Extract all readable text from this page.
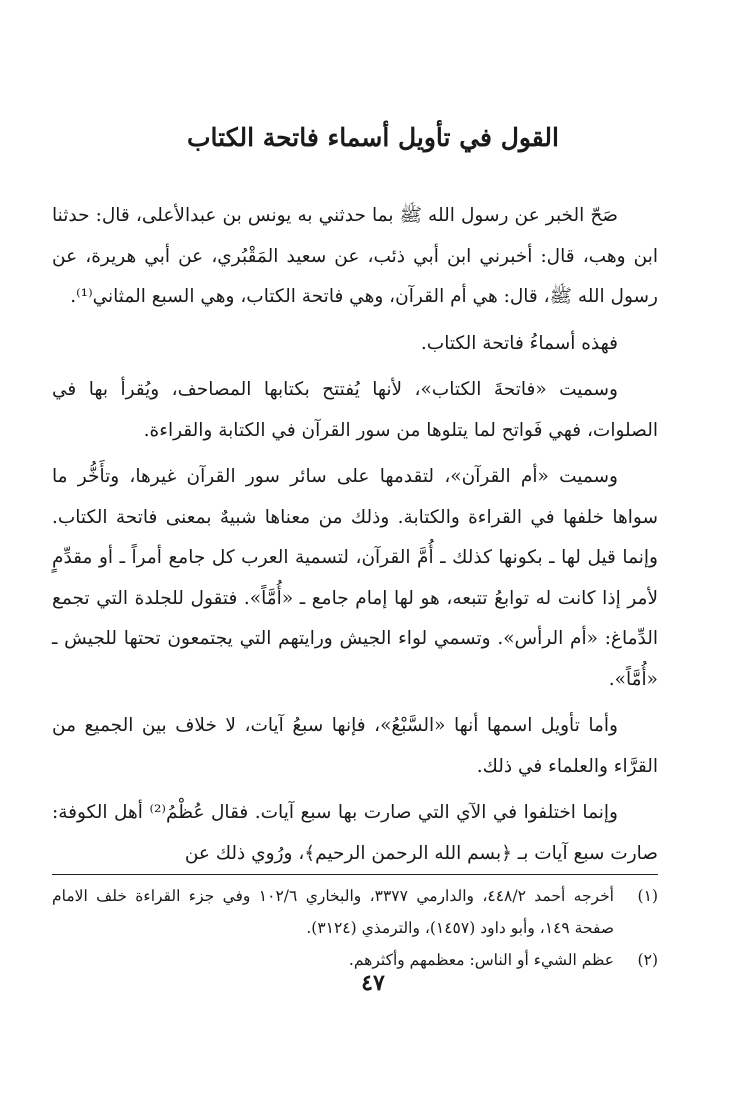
القول في تأويل أسماء فاتحة الكتاب

صَحّ الخبر عن رسول الله ﷺ بما حدثني به يونس بن عبدالأعلى، قال: حدثنا ابن وهب، قال: أخبرني ابن أبي ذئب، عن سعيد المَقْبُري، عن أبي هريرة، عن رسول الله ﷺ، قال: هي أم القرآن، وهي فاتحة الكتاب، وهي السبع المثاني⁽¹⁾.

فهذه أسماءُ فاتحة الكتاب.

وسميت «فاتحةَ الكتاب»، لأنها يُفتتح بكتابها المصاحف، ويُقرأ بها في الصلوات، فهي فَواتح لما يتلوها من سور القرآن في الكتابة والقراءة.

وسميت «أم القرآن»، لتقدمها على سائر سور القرآن غيرها، وتأَخُّر ما سواها خلفها في القراءة والكتابة. وذلك من معناها شبيهٌ بمعنى فاتحة الكتاب. وإنما قيل لها ـ بكونها كذلك ـ أُمَّ القرآن، لتسمية العرب كل جامع أمراً ـ أو مقدِّمٍ لأمر إذا كانت له توابعُ تتبعه، هو لها إمام جامع ـ «أُمَّاً». فتقول للجلدة التي تجمع الدِّماغ: «أم الرأس». وتسمي لواء الجيش ورايتهم التي يجتمعون تحتها للجيش ـ «أُمَّاً».

وأما تأويل اسمها أنها «السَّبْعُ»، فإنها سبعُ آيات، لا خلاف بين الجميع من القرَّاء والعلماء في ذلك.

وإنما اختلفوا في الآي التي صارت بها سبع آيات. فقال عُظْمُ⁽²⁾ أهل الكوفة: صارت سبع آيات بـ ﴿بسم الله الرحمن الرحيم﴾، ورُوي ذلك عن

(١)
أخرجه أحمد ٤٤٨/٢، والدارمي ٣٣٧٧، والبخاري ١٠٢/٦ وفي جزء القراءة خلف الامام صفحة ١٤٩، وأبو داود (١٤٥٧)، والترمذي (٣١٢٤).
(٢)
عظم الشيء أو الناس: معظمهم وأكثرهم.
٤٧
